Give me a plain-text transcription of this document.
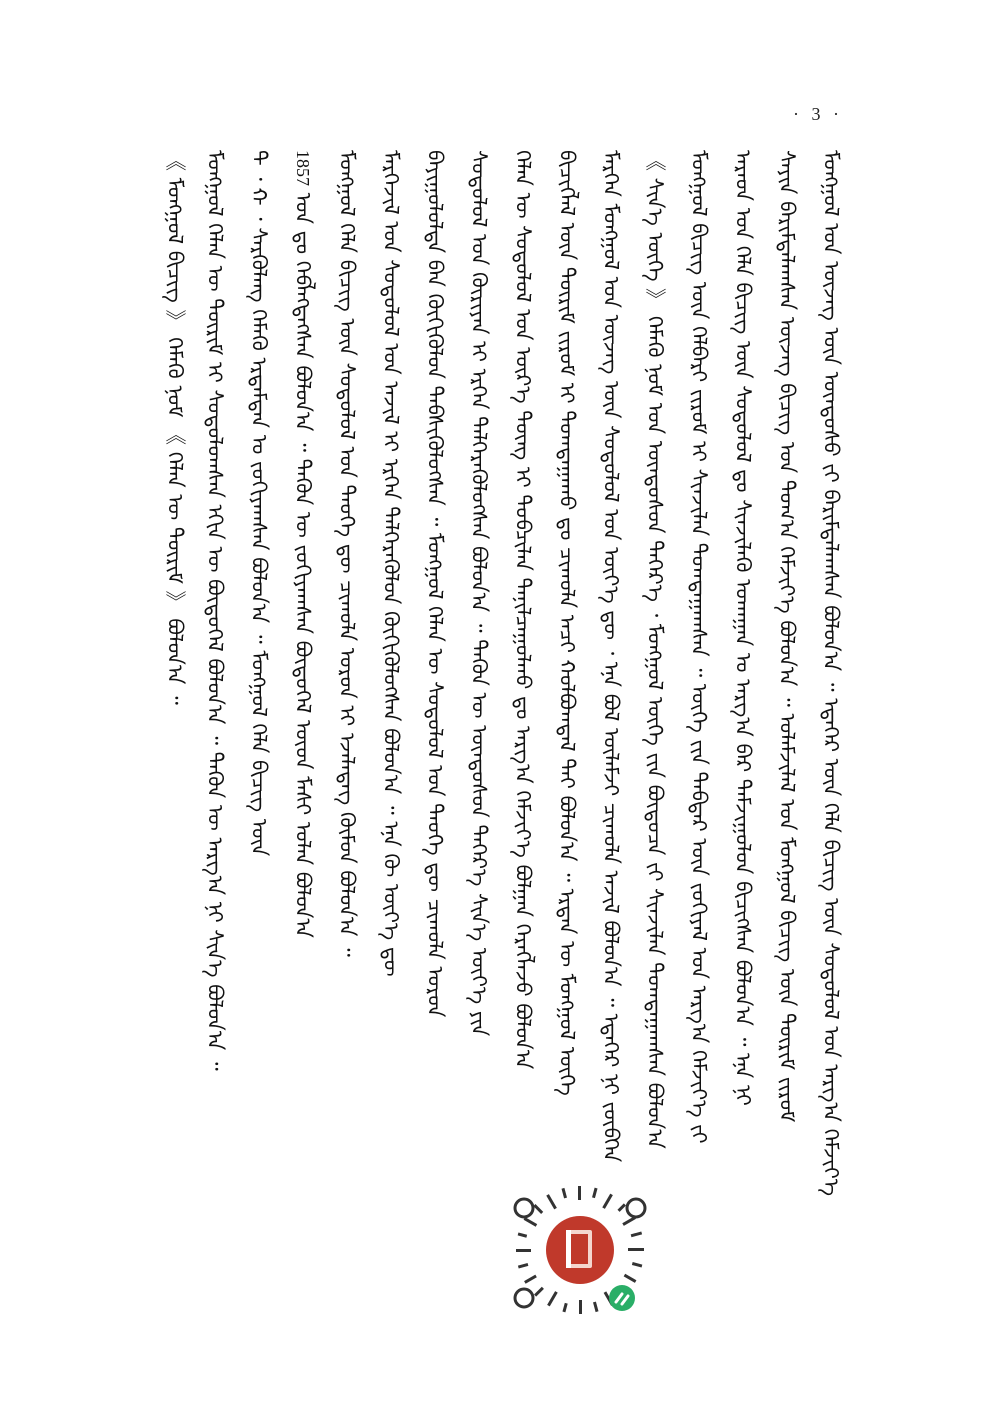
· 3 ·
ᠮᠣᠩᠭᠣᠯ ᠤᠨ ᠦᠵᠡᠭ ᠦᠨ ᠦᠨᠳᠦᠰᠦ ᠵᠢ ᠪᠠᠷᠢᠮᠳᠠᠯᠠᠭᠰᠠᠨ ᠪᠣᠯᠣᠨ᠎ᠠ ᠃ ᠡᠳᠡᠭᠡᠷ ᠦᠨ ᠬᠡᠯᠡ ᠪᠢᠴᠢᠭ ᠦᠨ ᠰᠤᠳᠤᠯᠤᠯ ᠤᠨ ᠠᠷᠭ᠎ᠠ ᠬᠡᠮᠵᠢᠶ᠎ᠡ
ᠰᠠᠶᠢᠨ ᠪᠠᠷᠢᠮᠳᠠᠯᠠᠭᠰᠠᠨ ᠦᠵᠡᠭ ᠪᠢᠴᠢᠭ ᠤᠨ ᠲᠣᠭ᠎ᠠ ᠬᠡᠮᠵᠢᠶ᠎ᠡ ᠪᠣᠯᠣᠨ᠎ᠠ ᠃ ᠤᠯᠠᠮᠵᠢᠯᠠᠯ ᠤᠨ ᠮᠣᠩᠭᠣᠯ ᠪᠢᠴᠢᠭ ᠦᠨ ᠳᠦᠷᠢᠮ ᠵᠢᠷᠤᠮ
ᠠᠷᠠᠳ ᠤᠨ ᠬᠡᠯᠡ ᠪᠢᠴᠢᠭ ᠦᠨ ᠰᠤᠳᠤᠯᠤᠯ ᠳᠤ ᠰᠢᠨᠵᠢᠯᠡᠬᠦ ᠤᠬᠠᠭᠠᠨ ᠤ ᠠᠷᠭ᠎ᠠ ᠪᠠᠷ ᠳᠠᠮᠵᠢᠭᠤᠯᠤᠨ ᠪᠢᠴᠢᠭᠰᠡᠨ ᠪᠣᠯᠣᠨ᠎ᠠ ᠃ ᠡᠨᠡ ᠨᠢ
ᠮᠣᠩᠭᠣᠯ ᠪᠢᠴᠢᠭ ᠦᠨ ᠬᠡᠯᠪᠡᠷᠢ ᠵᠢᠷᠤᠮ ᠢ ᠰᠢᠨᠵᠢᠯᠡᠨ ᠲᠣᠭᠲᠠᠭᠠᠭᠰᠠᠨ ᠃ ᠦᠭᠡ ᠵᠢᠨ ᠳᠡᠪᠲᠡᠷ ᠦᠨ ᠵᠣᠬᠢᠶᠠᠯ ᠤᠨ ᠠᠷᠭ᠎ᠠ ᠬᠡᠮᠵᠢᠶ᠎ᠡ ᠵᠢ
《 ᠰᠢᠨ᠎ᠡ ᠦᠭᠡ 》 ᠬᠡᠮᠡᠬᠦ ᠨᠣᠮ ᠤᠨ ᠦᠨᠳᠦᠰᠦᠨ ᠳᠡᠭᠡᠷ᠎ᠡ ᠂ ᠮᠣᠩᠭᠣᠯ ᠦᠭᠡ ᠵᠢᠨ ᠪᠦᠲᠦᠴᠡ ᠵᠢ ᠰᠢᠨᠵᠢᠯᠡᠨ ᠲᠣᠭᠲᠠᠭᠠᠭᠰᠠᠨ ᠪᠣᠯᠣᠨ᠎ᠠ
ᠮᠡᠷᠭᠡᠨ ᠮᠣᠩᠭᠣᠯ ᠤᠨ ᠦᠵᠡᠭ ᠦᠨ ᠰᠤᠳᠤᠯᠤᠯ ᠤᠨ ᠦᠶ᠎ᠡ ᠳᠦ ᠂ ᠡᠨᠡ ᠪᠣᠯ ᠦᠯᠡᠮᠵᠢ ᠴᠢᠬᠤᠯᠠ ᠠᠵᠢᠯ ᠪᠣᠯᠣᠨ᠎ᠠ ᠃ ᠡᠳᠡᠭᠡᠷ ᠨᠢ ᠵᠦᠪᠬᠡᠨ
ᠪᠢᠴᠢᠭᠯᠡᠯ ᠦᠨ ᠳᠦᠷᠢᠮ ᠵᠢᠷᠤᠮ ᠢ ᠲᠣᠭᠲᠠᠭᠠᠬᠤ ᠳᠤ ᠴᠢᠬᠤᠯᠠ ᠠᠴᠢ ᠬᠣᠯᠪᠣᠭᠳᠠᠯ ᠲᠠᠢ ᠪᠣᠯᠣᠨ᠎ᠠ ᠃ ᠡᠷᠲᠡᠨ ᠦ ᠮᠣᠩᠭᠣᠯ ᠦᠭᠡ
ᠬᠡᠯᠡᠨ ᠦ ᠰᠤᠳᠤᠯᠤᠯ ᠤᠨ ᠦᠷ᠎ᠡ ᠳᠦᠩ ᠢ ᠲᠣᠪᠴᠢᠯᠠᠨ ᠲᠠᠨᠢᠯᠴᠠᠭᠤᠯᠬᠤ ᠳᠤ ᠠᠷᠭ᠎ᠠ ᠬᠡᠮᠵᠢᠶ᠎ᠡ ᠪᠣᠯᠭᠠᠨ ᠬᠡᠷᠡᠭᠯᠡᠵᠦ ᠪᠣᠯᠣᠨ᠎ᠠ
ᠰᠤᠳᠤᠯᠤᠯ ᠤᠨ ᠬᠦᠷᠢᠶᠡᠨ ᠢ ᠡᠷᠭᠡᠨ ᠲᠡᠯᠭᠡᠷᠡᠭᠦᠯᠦᠭᠰᠡᠨ ᠪᠣᠯᠣᠨ᠎ᠠ ᠃ ᠲᠡᠭᠦᠨ ᠦ ᠦᠨᠳᠦᠰᠦᠨ ᠳᠡᠭᠡᠷ᠎ᠡ ᠰᠢᠨ᠎ᠡ ᠦᠶ᠎ᠡ ᠶᠢᠨ
ᠪᠠᠶᠢᠭᠤᠯᠤᠯᠲᠠ ᠪᠠᠨ ᠬᠥᠬᠢᠭᠦᠯᠦᠨ ᠳᠡᠪᠰᠢᠭᠦᠯᠦᠭᠰᠡᠨ ᠃ ᠮᠣᠩᠭᠣᠯ ᠬᠡᠯᠡᠨ ᠦ ᠰᠤᠳᠤᠯᠤᠯ ᠤᠨ ᠲᠡᠦᠬᠡ ᠳᠦ ᠴᠢᠬᠤᠯᠠ ᠣᠷᠣᠨ
ᠮᠡᠷᠭᠡᠵᠢᠯ ᠤᠨ ᠰᠤᠳᠤᠯᠤᠯ ᠤᠨ ᠠᠵᠢᠯ ᠢ ᠡᠷᠭᠡᠨ ᠲᠡᠯᠭᠡᠷᠡᠭᠦᠯᠦᠨ ᠬᠥᠬᠢᠭᠦᠯᠦᠭᠰᠡᠨ ᠪᠣᠯᠣᠨ᠎ᠠ ᠃ ᠡᠨᠡ ᠬᠦ ᠦᠶ᠎ᠡ ᠳᠦ
ᠮᠣᠩᠭᠣᠯ ᠬᠡᠯᠡ ᠪᠢᠴᠢᠭ ᠦᠨ ᠰᠤᠳᠤᠯᠤᠯ ᠤᠨ ᠲᠡᠦᠬᠡ ᠳᠦ ᠴᠢᠬᠤᠯᠠ ᠣᠷᠣᠨ ᠢ ᠡᠵᠡᠯᠡᠳᠡᠭ ᠬᠦᠮᠦᠨ ᠪᠣᠯᠣᠨ᠎ᠠ ᠃
1857 ᠣᠨ ᠳᠤ ᠬᠡᠪᠯᠡᠭᠳᠡᠭᠰᠡᠨ ᠪᠣᠯᠣᠨ᠎ᠠ ᠃ ᠲᠡᠭᠦᠨ ᠦ ᠵᠣᠬᠢᠶᠠᠭᠰᠠᠨ ᠪᠦᠲᠦᠭᠡᠯ ᠦᠳ ᠮᠠᠰᠢ ᠣᠯᠠᠨ ᠪᠣᠯᠣᠨ᠎ᠠ
ᠲ ᠂ ᠬ ᠂ ᠰᠡᠷᠬᠦᠯᠡᠩ ᠬᠡᠮᠡᠬᠦ ᠡᠷᠳᠡᠮᠲᠡᠨ ᠤ ᠵᠣᠬᠢᠶᠠᠭᠰᠠᠨ ᠪᠣᠯᠣᠨ᠎ᠠ ᠃ ᠮᠣᠩᠭᠣᠯ ᠬᠡᠯᠡ ᠪᠢᠴᠢᠭ ᠦᠨ
ᠮᠣᠩᠭᠣᠯ ᠬᠡᠯᠡᠨ ᠦ ᠳᠦᠷᠢᠮ ᠢ ᠰᠤᠳᠤᠯᠤᠭᠰᠠᠨ ᠡᠬᠢᠨ ᠦ ᠪᠦᠲᠦᠭᠡᠯ ᠪᠣᠯᠣᠨ᠎ᠠ ᠃ ᠲᠡᠭᠦᠨ ᠦ ᠠᠷᠭ᠎ᠠ ᠨᠢ ᠰᠢᠨ᠎ᠡ ᠪᠣᠯᠣᠨ᠎ᠠ ᠃
《 ᠮᠣᠩᠭᠣᠯ ᠪᠢᠴᠢᠭ 》 ᠬᠡᠮᠡᠬᠦ ᠨᠣᠮ 《 ᠬᠡᠯᠡᠨ ᠦ ᠳᠦᠷᠢᠮ 》 ᠪᠣᠯᠣᠨ᠎ᠠ ᠃
